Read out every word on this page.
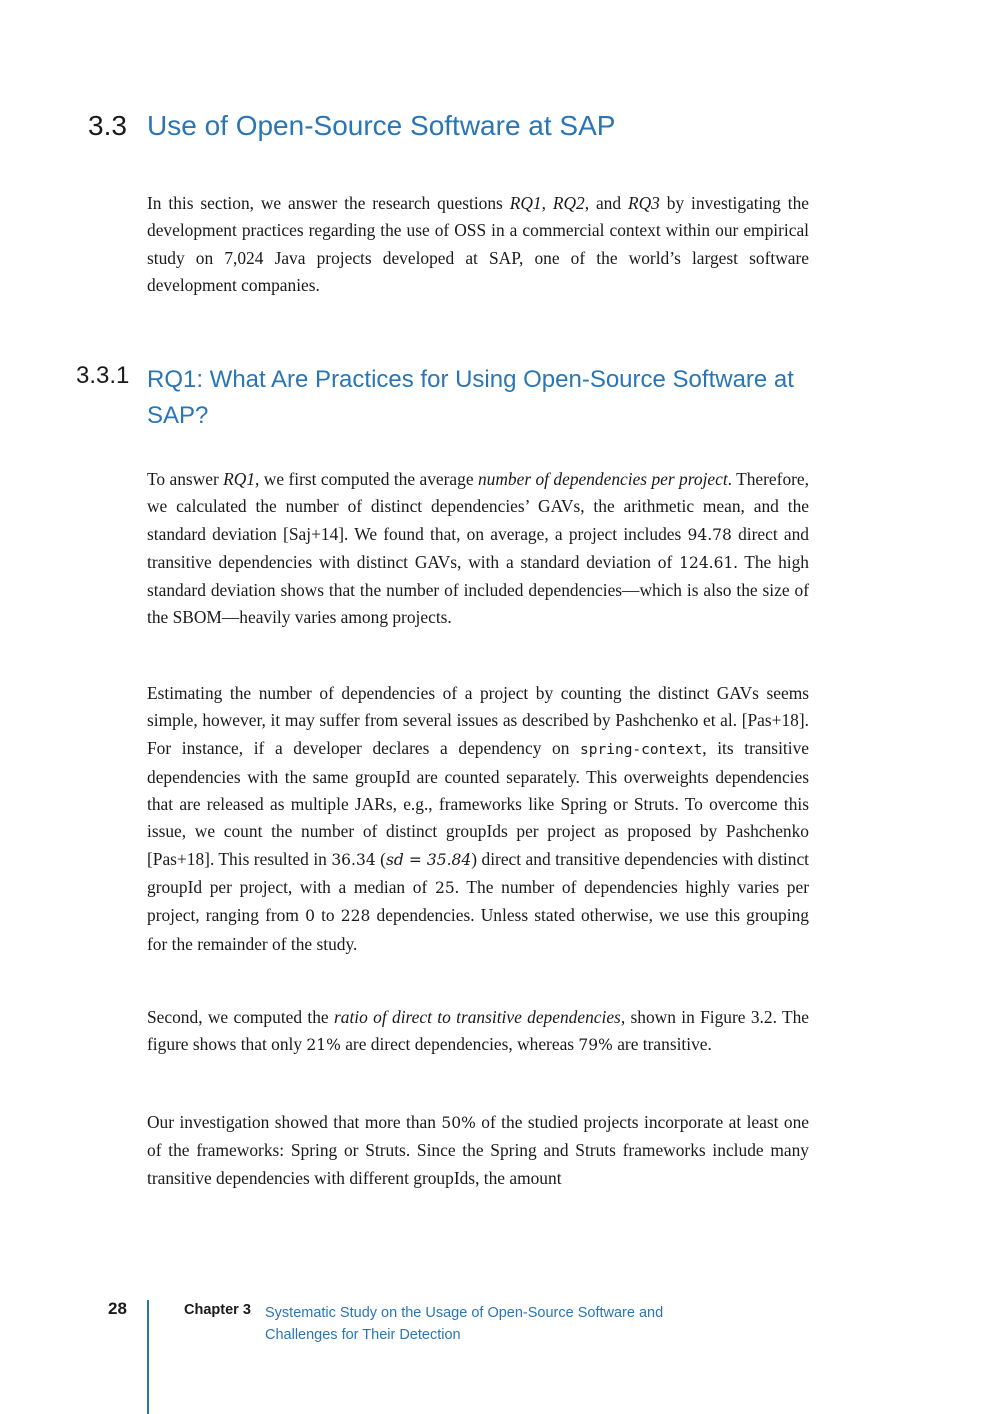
3.3 Use of Open-Source Software at SAP

In this section, we answer the research questions RQ1, RQ2, and RQ3 by investigating the development practices regarding the use of OSS in a commercial context within our empirical study on 7,024 Java projects developed at SAP, one of the world’s largest software development companies.

3.3.1 RQ1: What Are Practices for Using Open-Source Software at SAP?

To answer RQ1, we first computed the average number of dependencies per project. Therefore, we calculated the number of distinct dependencies’ GAVs, the arithmetic mean, and the standard deviation [Saj+14]. We found that, on average, a project includes 94.78 direct and transitive dependencies with distinct GAVs, with a standard deviation of 124.61. The high standard deviation shows that the number of included dependencies—which is also the size of the SBOM—heavily varies among projects.

Estimating the number of dependencies of a project by counting the distinct GAVs seems simple, however, it may suffer from several issues as described by Pashchenko et al. [Pas+18]. For instance, if a developer declares a dependency on spring-context, its transitive dependencies with the same groupId are counted separately. This overweights dependencies that are released as multiple JARs, e.g., frameworks like Spring or Struts. To overcome this issue, we count the number of distinct groupIds per project as proposed by Pashchenko [Pas+18]. This resulted in 36.34 (sd = 35.84) direct and transitive dependencies with distinct groupId per project, with a median of 25. The number of dependencies highly varies per project, ranging from 0 to 228 dependencies. Unless stated otherwise, we use this grouping for the remainder of the study.

Second, we computed the ratio of direct to transitive dependencies, shown in Figure 3.2. The figure shows that only 21% are direct dependencies, whereas 79% are transitive.

Our investigation showed that more than 50% of the studied projects incorporate at least one of the frameworks: Spring or Struts. Since the Spring and Struts frameworks include many transitive dependencies with different groupIds, the amount

28	Chapter 3 Systematic Study on the Usage of Open-Source Software and Challenges for Their Detection
